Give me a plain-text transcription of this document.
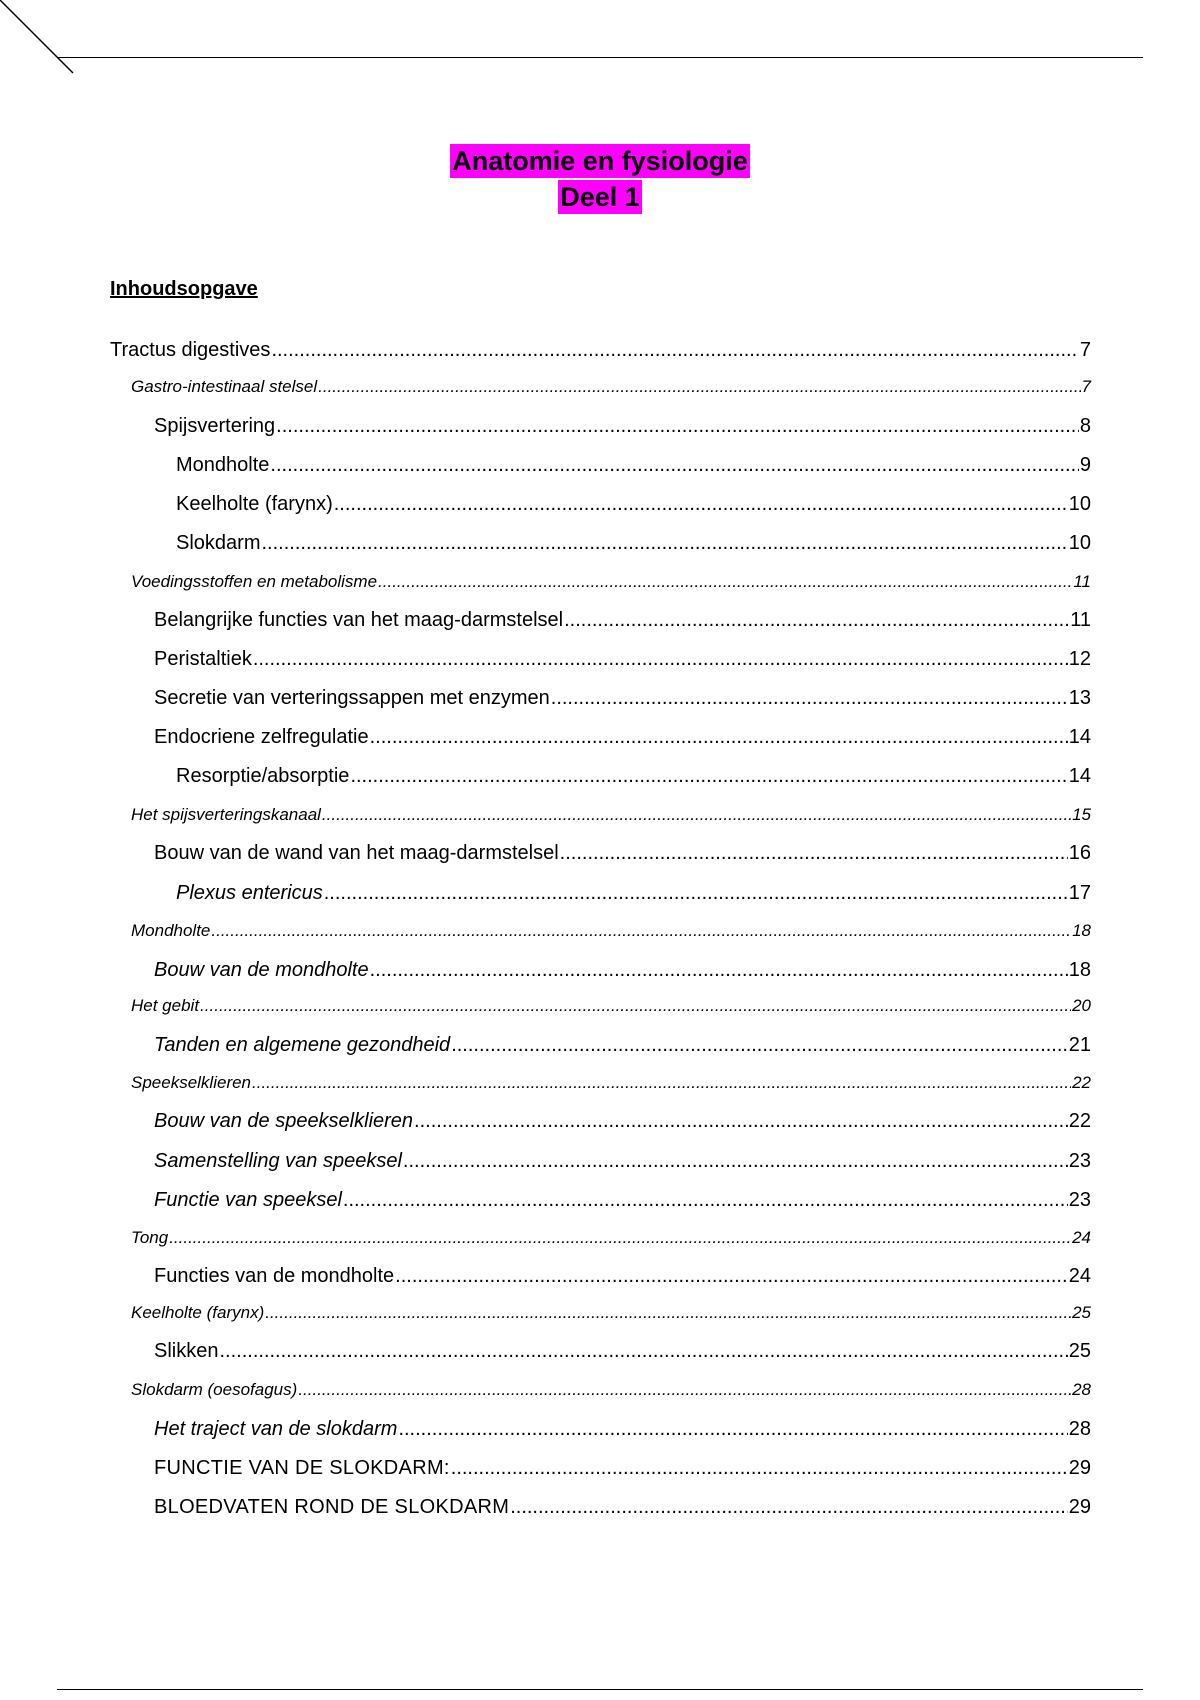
Anatomie en fysiologie
Deel 1
Inhoudsopgave
Tractus digestives .....	7
Gastro-intestinaal stelsel .....	7
Spijsvertering .....	8
Mondholte .....	9
Keelholte (farynx) .....	10
Slokdarm .....	10
Voedingsstoffen en metabolisme .....	11
Belangrijke functies van het maag-darmstelsel .....	11
Peristaltiek .....	12
Secretie van verteringssappen met enzymen .....	13
Endocriene zelfregulatie .....	14
Resorptie/absorptie .....	14
Het spijsverteringskanaal .....	15
Bouw van de wand van het maag-darmstelsel .....	16
Plexus entericus .....	17
Mondholte .....	18
Bouw van de mondholte .....	18
Het gebit .....	20
Tanden en algemene gezondheid .....	21
Speekselklieren .....	22
Bouw van de speekselklieren .....	22
Samenstelling van speeksel .....	23
Functie van speeksel .....	23
Tong .....	24
Functies van de mondholte .....	24
Keelholte (farynx) .....	25
Slikken .....	25
Slokdarm (oesofagus) .....	28
Het traject van de slokdarm .....	28
FUNCTIE VAN DE SLOKDARM: .....	29
BLOEDVATEN ROND DE SLOKDARM .....	29
